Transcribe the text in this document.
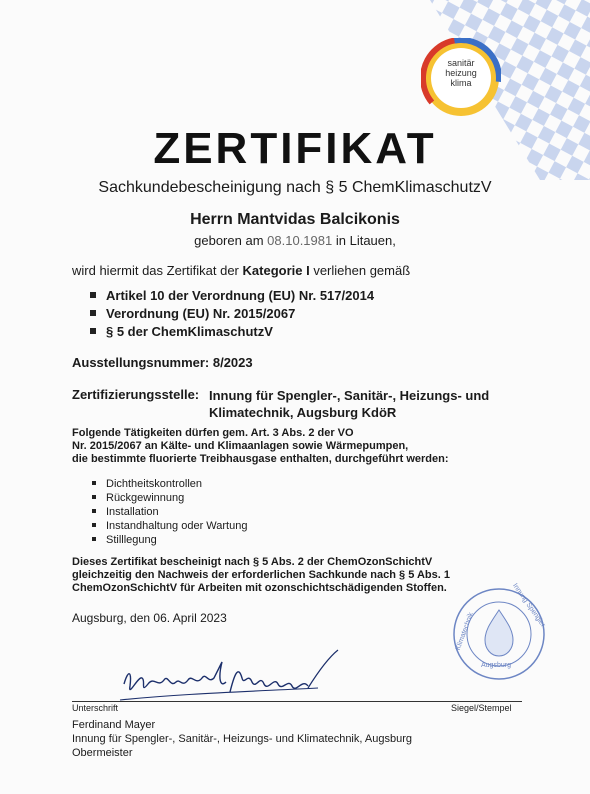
sanitär
heizung
klima
ZERTIFIKAT
Sachkundebescheinigung nach § 5 ChemKlimaschutzV
Herrn Mantvidas Balcikonis
geboren am 08.10.1981 in Litauen,
wird hiermit das Zertifikat der Kategorie I verliehen gemäß
Artikel 10 der Verordnung (EU) Nr. 517/2014
Verordnung (EU) Nr. 2015/2067
§ 5 der ChemKlimaschutzV
Ausstellungsnummer: 8/2023
Zertifizierungsstelle: Innung für Spengler-, Sanitär-, Heizungs- und
Klimatechnik, Augsburg KdöR
Folgende Tätigkeiten dürfen gem. Art. 3 Abs. 2 der VO
Nr. 2015/2067 an Kälte- und Klimaanlagen sowie Wärmepumpen,
die bestimmte fluorierte Treibhausgase enthalten, durchgeführt werden:
Dichtheitskontrollen
Rückgewinnung
Installation
Instandhaltung oder Wartung
Stilllegung
Dieses Zertifikat bescheinigt nach § 5 Abs. 2 der ChemOzonSchichtV
gleichzeitig den Nachweis der erforderlichen Sachkunde nach § 5 Abs. 1
ChemOzonSchichtV für Arbeiten mit ozonschichtschädigenden Stoffen.
Augsburg, den 06. April 2023	Innung Spengler
Klimatechnik
Augsburg
Unterschrift	Siegel/Stempel
Ferdinand Mayer
Innung für Spengler-, Sanitär-, Heizungs- und Klimatechnik, Augsburg
Obermeister
